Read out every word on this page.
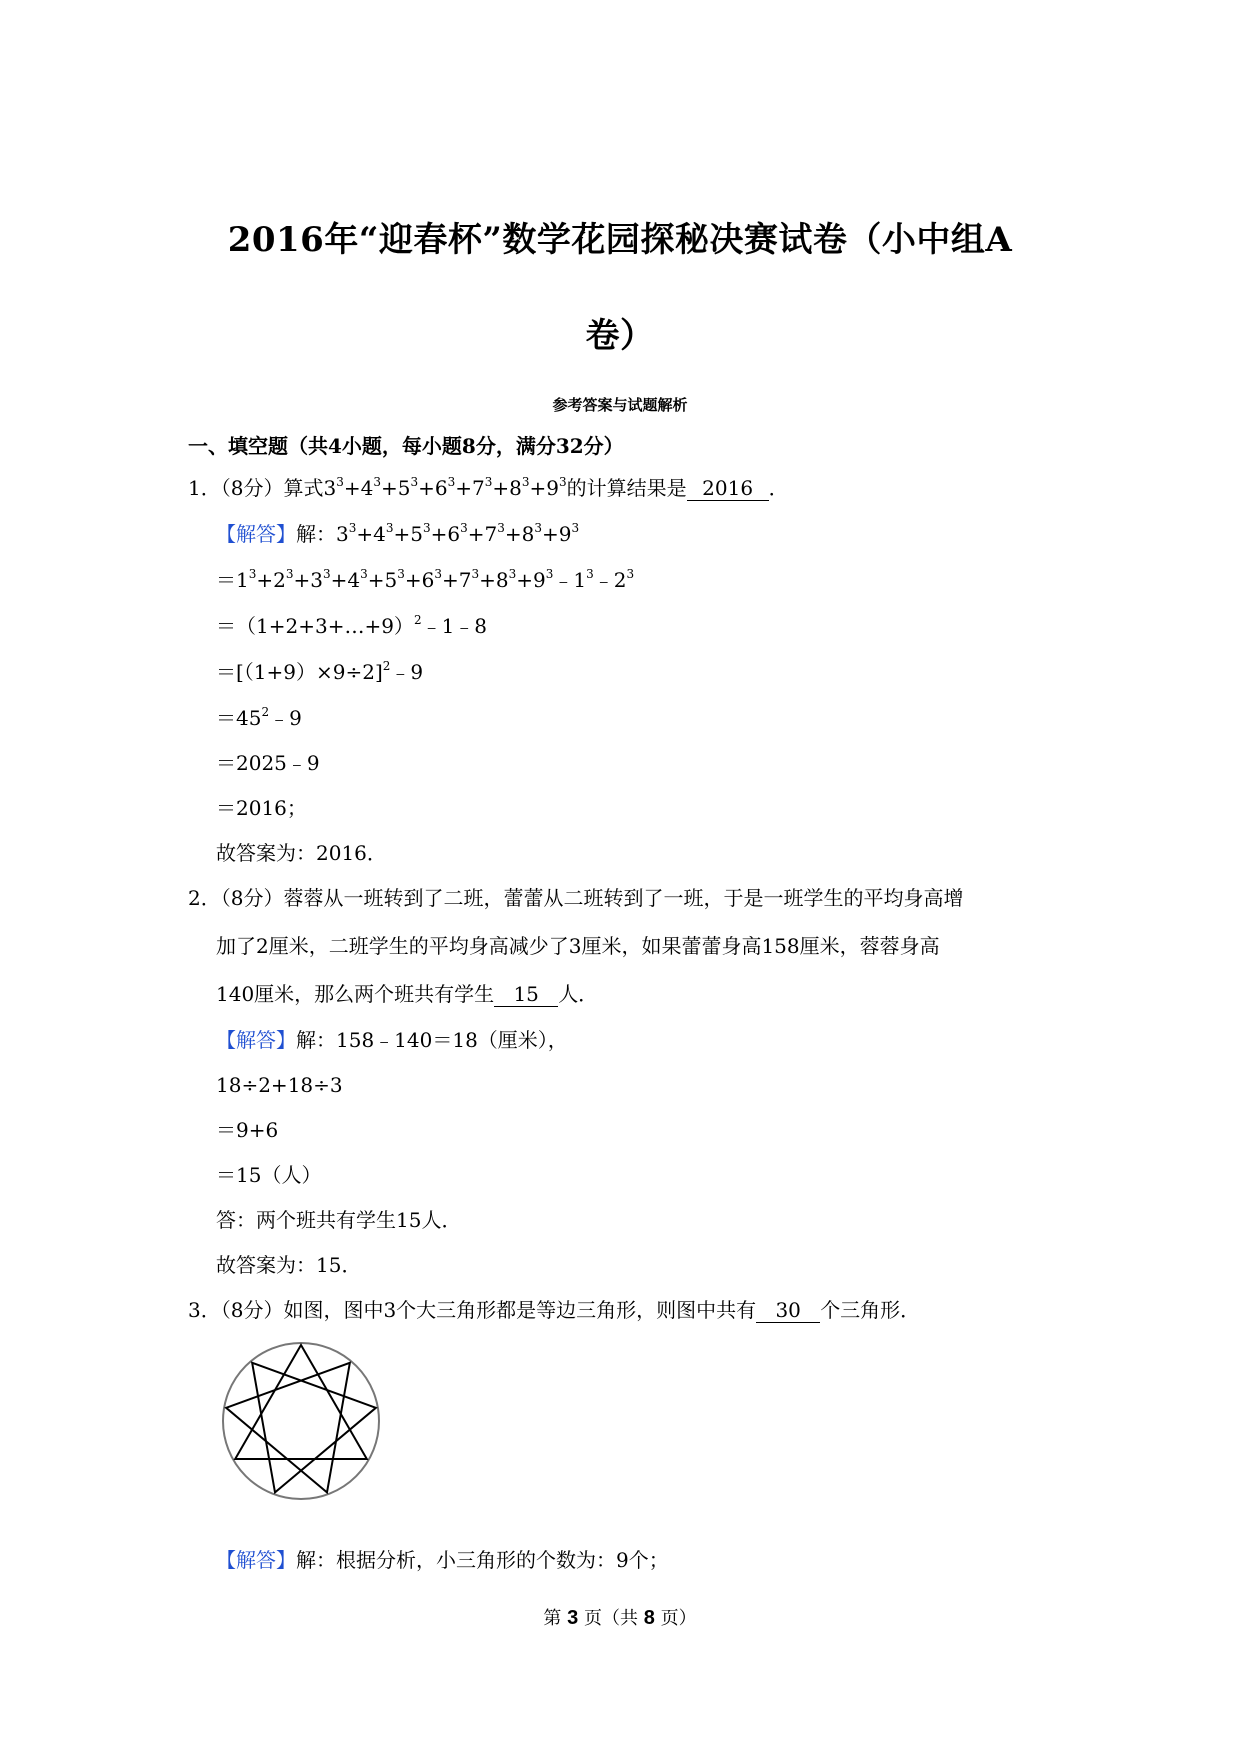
2016年“迎春杯”数学花园探秘决赛试卷（小中组A
卷）
参考答案与试题解析
一、填空题（共4小题，每小题8分，满分32分）
1．（8分）算式$3^3+4^3+5^3+6^3+7^3+8^3+9^3$的计算结果是 2016 ．
【解答】解：$3^3+4^3+5^3+6^3+7^3+8^3+9^3$
$=1^3+2^3+3^3+4^3+5^3+6^3+7^3+8^3+9^3﹣1^3﹣2^3$
＝（1+2+3+…+9）$^2$﹣1﹣8
$=[(1+9)\times 9\div 2]^2﹣9$
$=45^2﹣9$
＝2025﹣9
＝2016；
故答案为：2016．
2．（8分）蓉蓉从一班转到了二班，蕾蕾从二班转到了一班，于是一班学生的平均身高增
加了2厘米，二班学生的平均身高减少了3厘米，如果蕾蕾身高158厘米，蓉蓉身高
140厘米，那么两个班共有学生 15 人．
【解答】解：158﹣140＝18（厘米），
18÷2+18÷3
＝9+6
＝15（人）
答：两个班共有学生15人．
故答案为：15．
3．（8分）如图，图中3个大三角形都是等边三角形，则图中共有 30 个三角形．
【解答】解：根据分析，小三角形的个数为：9个；
第 3 页（共 8 页）
